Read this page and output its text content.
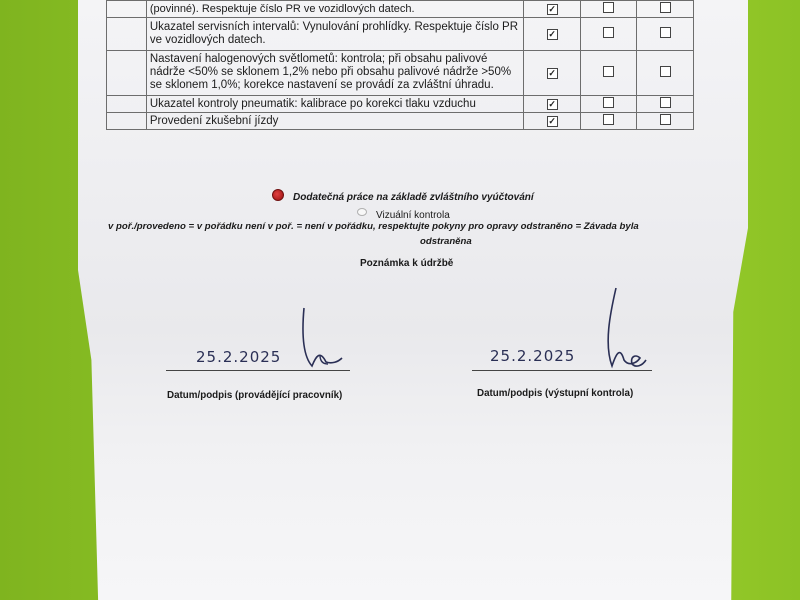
	(povinné). Respektuje číslo PR ve vozidlových datech.	✓		
	Ukazatel servisních intervalů: Vynulování prohlídky. Respektuje číslo PR ve vozidlových datech.	✓		
	Nastavení halogenových světlometů: kontrola; při obsahu palivové nádrže <50% se sklonem 1,2% nebo při obsahu palivové nádrže >50% se sklonem 1,0%; korekce nastavení se provádí za zvláštní úhradu.	✓		
	Ukazatel kontroly pneumatik: kalibrace po korekci tlaku vzduchu	✓		
	Provedení zkušební jízdy	✓		
Dodatečná práce na základě zvláštního vyúčtování
Vizuální kontrola
v poř./provedeno = v pořádku není v poř. = není v pořádku, respektujte pokyny pro opravy odstraněno = Závada byla
odstraněna
Poznámka k údržbě
25.2.2025
Datum/podpis (provádějící pracovník)
25.2.2025
Datum/podpis (výstupní kontrola)
